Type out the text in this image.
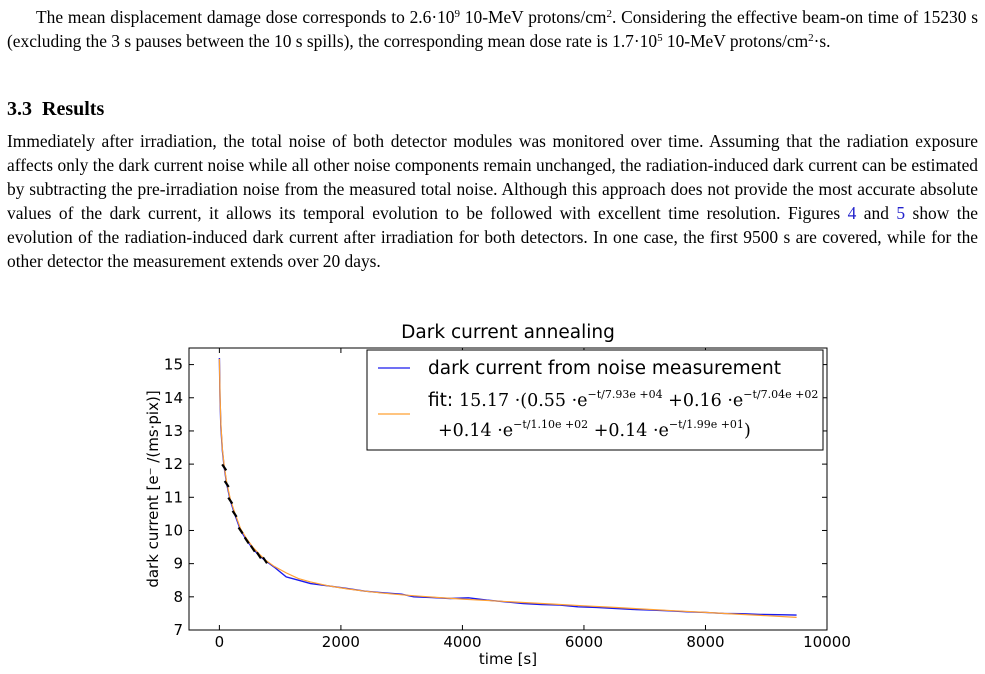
The mean displacement damage dose corresponds to $2.6\cdot 10^9$ 10-MeV protons/$cm^2$. Considering the effective beam-on time of 15230 s (excluding the 3 s pauses between the 10 s spills), the corresponding mean dose rate is $1.7\cdot 10^5$ 10-MeV protons/$cm^2\cdot s$.

3.3 Results

Immediately after irradiation, the total noise of both detector modules was monitored over time. Assuming that the radiation exposure affects only the dark current noise while all other noise components remain unchanged, the radiation-induced dark current can be estimated by subtracting the pre-irradiation noise from the measured total noise. Although this approach does not provide the most accurate absolute values of the dark current, it allows its temporal evolution to be followed with excellent time resolution. Figures 4 and 5 show the evolution of the radiation-induced dark current after irradiation for both detectors. In one case, the first 9500 s are covered, while for the other detector the measurement extends over 20 days.

Dark current annealing
0	2000	4000	6000	8000	10000
7
8
9
10
11
12
13
14
15
time [s]
dark current [e⁻ /(ms·pix)]
dark current from noise measurement
fit: $15.17 \cdot(0.55 \cdot e^{-t/7.93e +04} +0.16 \cdot e^{-t/7.04e +02}$
$+0.14 \cdot e^{-t/1.10e +02} +0.14 \cdot e^{-t/1.99e +01}$)
